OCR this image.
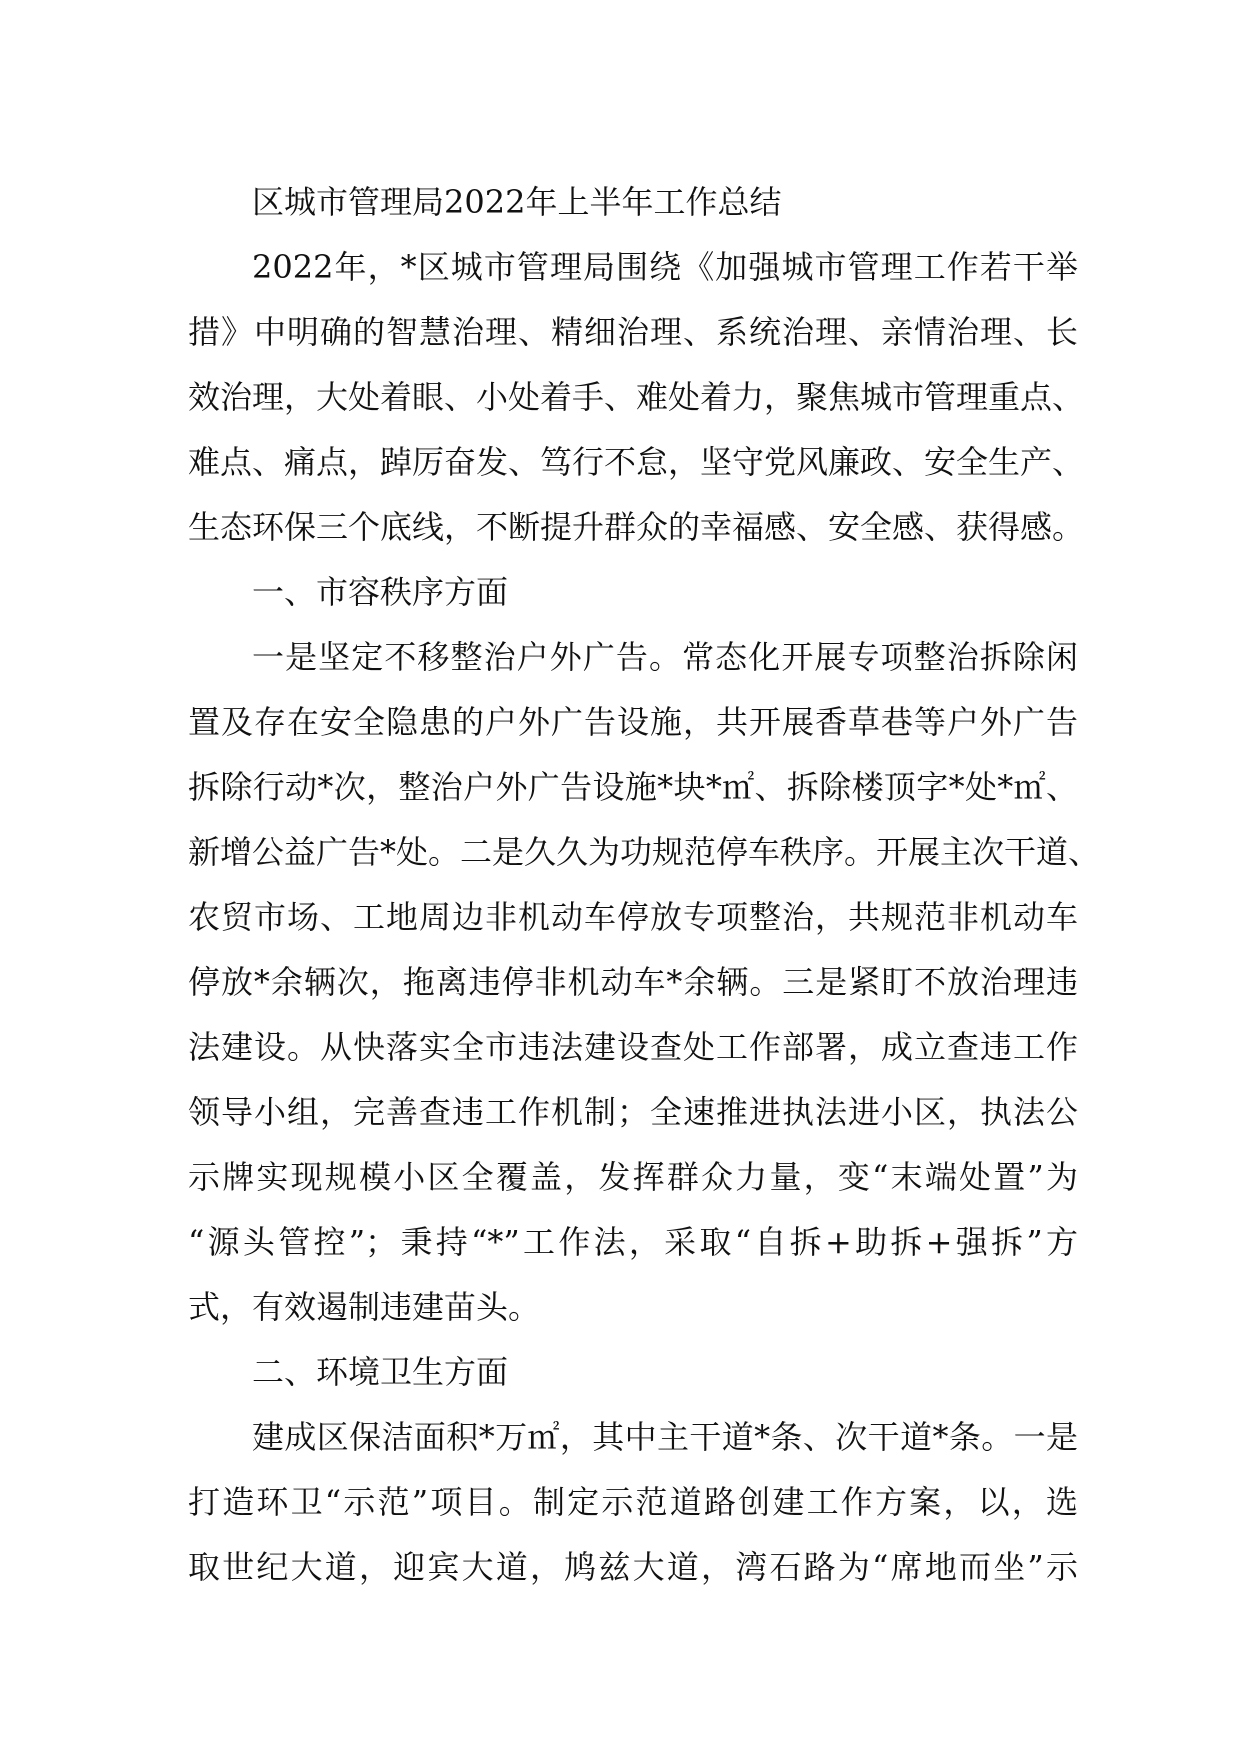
区城市管理局2022年上半年工作总结
2022年，*区城市管理局围绕《加强城市管理工作若干举
措》中明确的智慧治理、精细治理、系统治理、亲情治理、长
效治理，大处着眼、小处着手、难处着力，聚焦城市管理重点、
难点、痛点，踔厉奋发、笃行不怠，坚守党风廉政、安全生产、
生态环保三个底线，不断提升群众的幸福感、安全感、获得感。
一、市容秩序方面
一是坚定不移整治户外广告。常态化开展专项整治拆除闲
置及存在安全隐患的户外广告设施，共开展香草巷等户外广告
拆除行动*次，整治户外广告设施*块*㎡、拆除楼顶字*处*㎡、
新增公益广告*处。二是久久为功规范停车秩序。开展主次干道、
农贸市场、工地周边非机动车停放专项整治，共规范非机动车
停放*余辆次，拖离违停非机动车*余辆。三是紧盯不放治理违
法建设。从快落实全市违法建设查处工作部署，成立查违工作
领导小组，完善查违工作机制；全速推进执法进小区，执法公
示牌实现规模小区全覆盖，发挥群众力量，变“末端处置”为
“源头管控”；秉持“*”工作法，采取“自拆+助拆+强拆”方
式，有效遏制违建苗头。
二、环境卫生方面
建成区保洁面积*万㎡，其中主干道*条、次干道*条。一是
打造环卫“示范”项目。制定示范道路创建工作方案，以，选
取世纪大道，迎宾大道，鸠兹大道，湾石路为“席地而坐”示
